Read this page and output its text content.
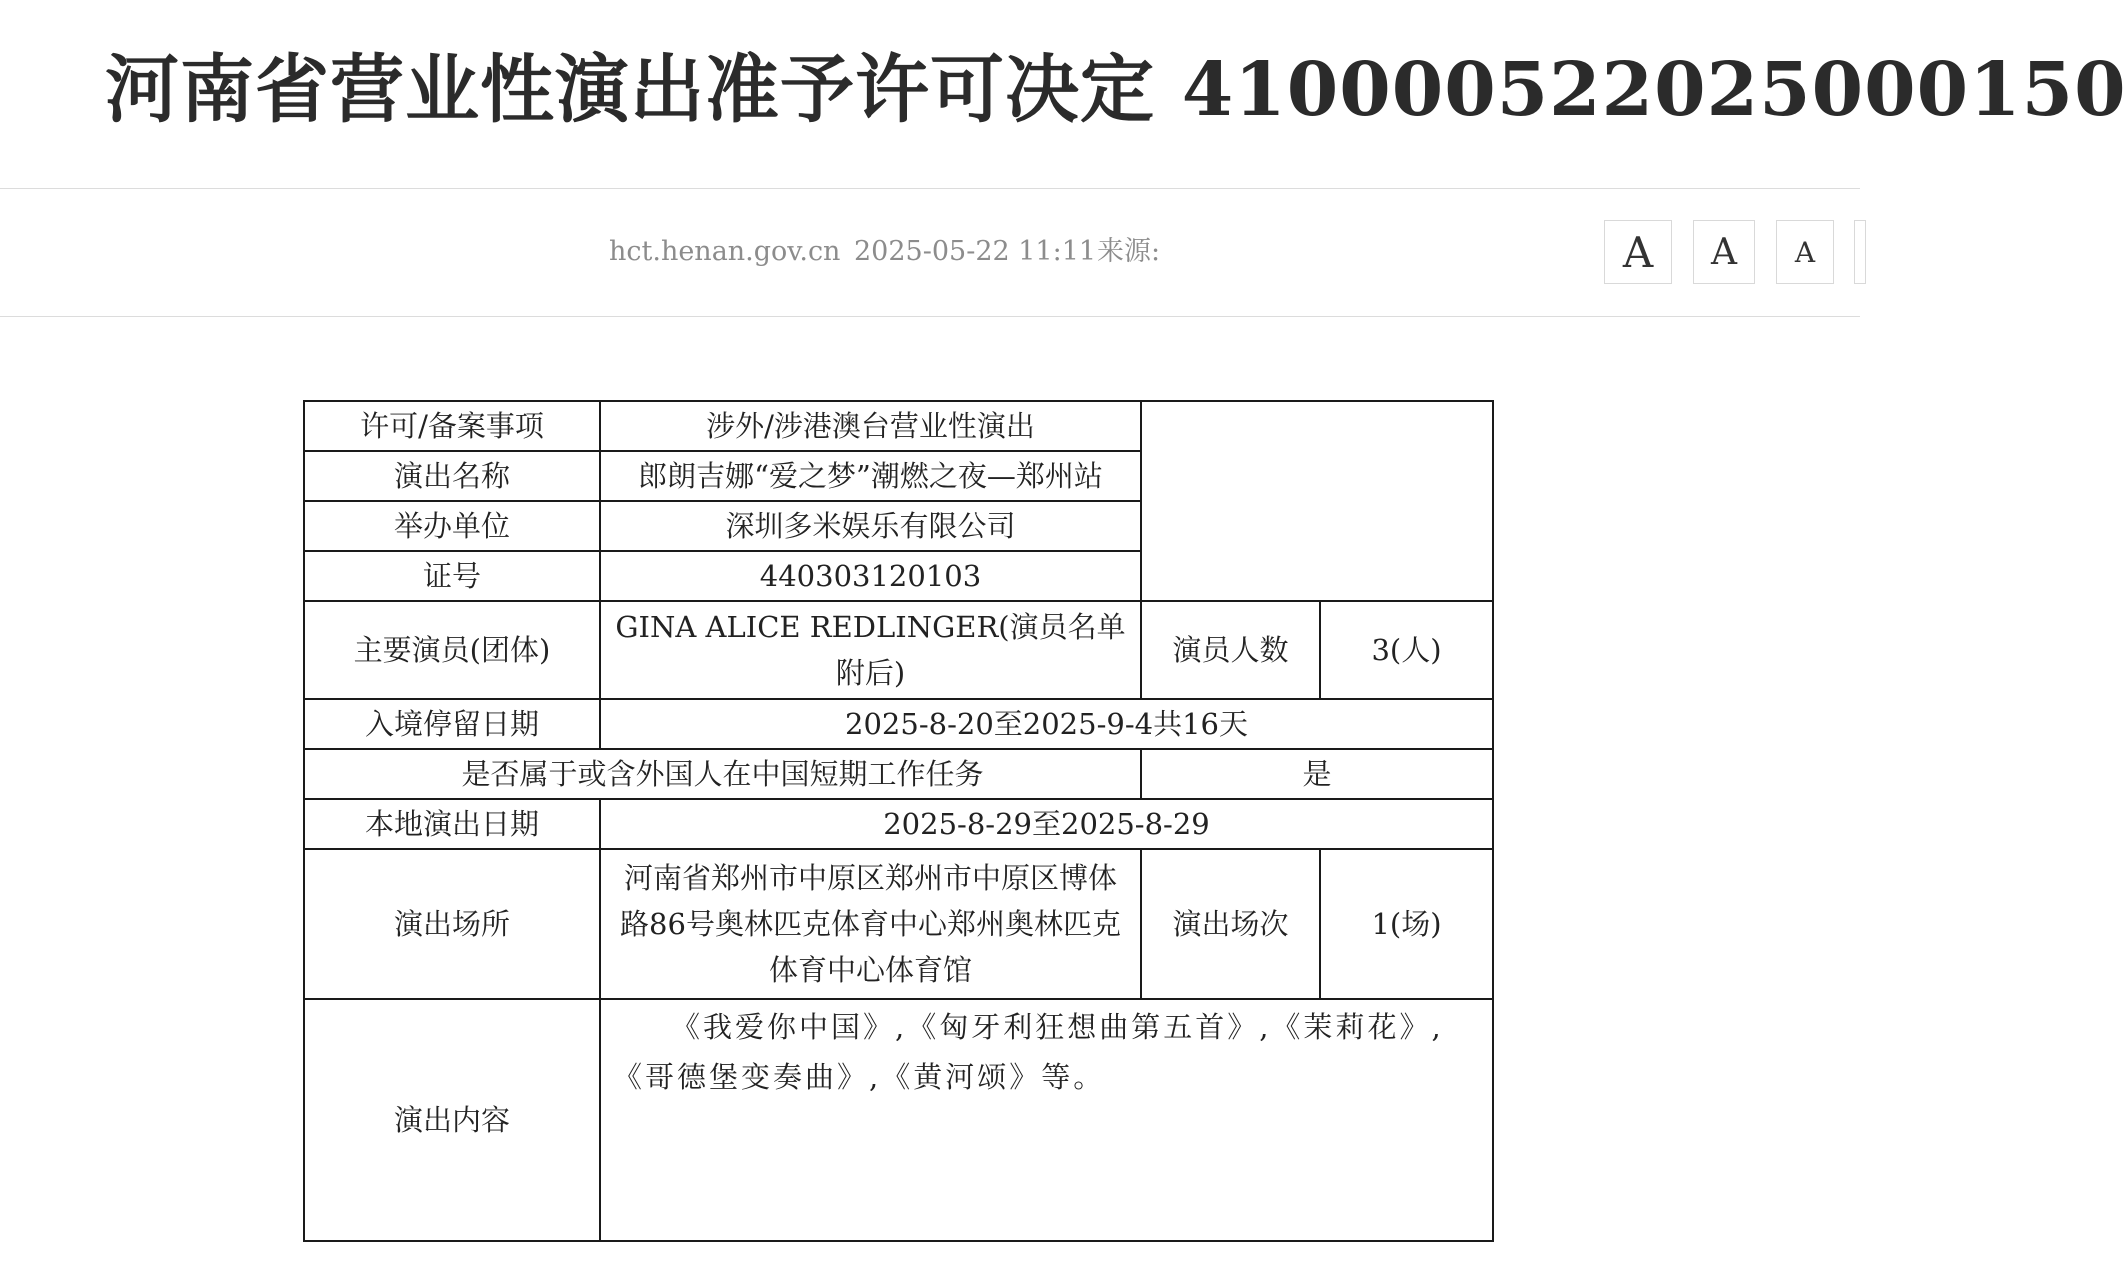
河南省营业性演出准予许可决定 410000522025000150
hct.henan.gov.cn 2025-05-22 11:11 来源:	A	A	A
许可/备案事项	涉外/涉港澳台营业性演出		
演出名称	郎朗吉娜“爱之梦”潮燃之夜—郑州站		
举办单位	深圳多米娱乐有限公司		
证号	440303120103		
主要演员(团体)	GINA ALICE REDLINGER(演员名单附后)	演员人数	3(人)
入境停留日期	2025-8-20至2025-9-4共16天		
是否属于或含外国人在中国短期工作任务		是	
本地演出日期	2025-8-29至2025-8-29		
演出场所	河南省郑州市中原区郑州市中原区博体路86号奥林匹克体育中心郑州奥林匹克体育中心体育馆	演出场次	1(场)
演出内容	《我爱你中国》,《匈牙利狂想曲第五首》,《茉莉花》,《哥德堡变奏曲》,《黄河颂》等。		
